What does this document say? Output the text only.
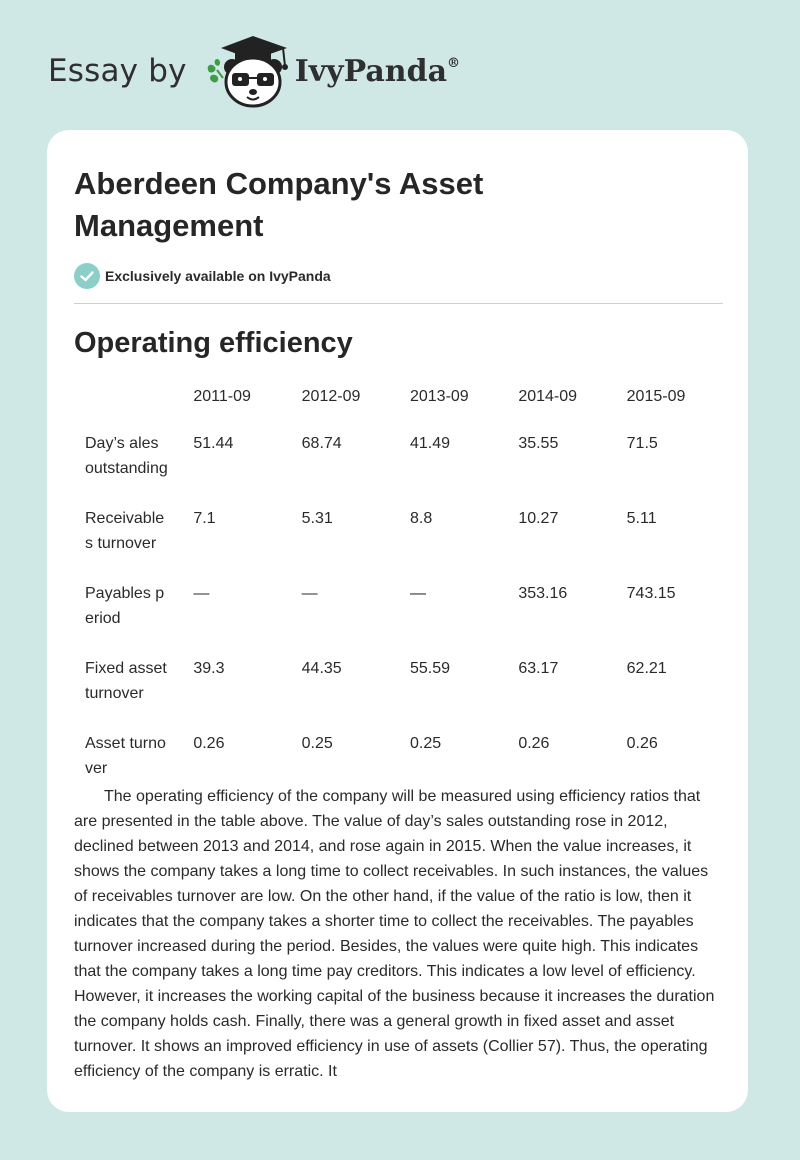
Essay by	IvyPanda®
Aberdeen Company's Asset Management
Exclusively available on IvyPanda
Operating efficiency
	2011-09	2012-09	2013-09	2014-09	2015-09
Day’s ales outstanding	51.44	68.74	41.49	35.55	71.5
Receivables turnover	7.1	5.31	8.8	10.27	5.11
Payables period	—	—	—	353.16	743.15
Fixed asset turnover	39.3	44.35	55.59	63.17	62.21
Asset turnover	0.26	0.25	0.25	0.26	0.26

The operating efficiency of the company will be measured using efficiency ratios that are presented in the table above. The value of day’s sales outstanding rose in 2012, declined between 2013 and 2014, and rose again in 2015. When the value increases, it shows the company takes a long time to collect receivables. In such instances, the values of receivables turnover are low. On the other hand, if the value of the ratio is low, then it indicates that the company takes a shorter time to collect the receivables. The payables turnover increased during the period. Besides, the values were quite high. This indicates that the company takes a long time pay creditors. This indicates a low level of efficiency. However, it increases the working capital of the business because it increases the duration the company holds cash. Finally, there was a general growth in fixed asset and asset turnover. It shows an improved efficiency in use of assets (Collier 57). Thus, the operating efficiency of the company is erratic. It
